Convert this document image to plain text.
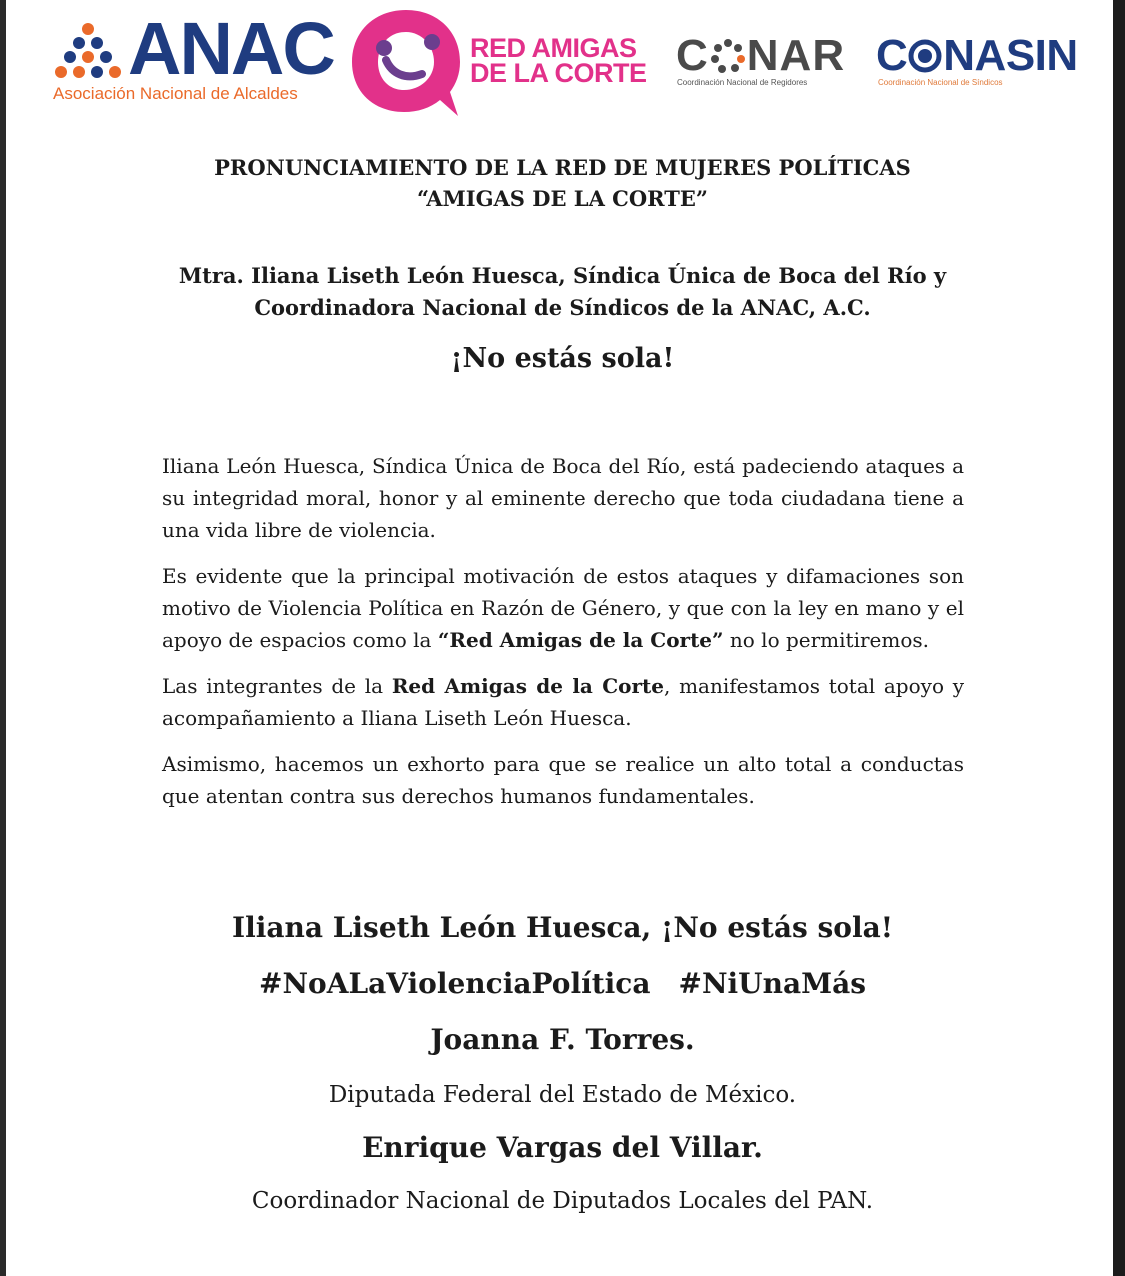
ANAC
Asociación Nacional de Alcaldes
RED AMIGAS
DE LA CORTE C NAR
Coordinación Nacional de Regidores
C NASIN
Coordinación Nacional de Síndicos
PRONUNCIAMIENTO DE LA RED DE MUJERES POLÍTICAS
“AMIGAS DE LA CORTE”
Mtra. Iliana Liseth León Huesca, Síndica Única de Boca del Río y
Coordinadora Nacional de Síndicos de la ANAC, A.C.
¡No estás sola!

Iliana León Huesca, Síndica Única de Boca del Río, está padeciendo ataques a su integridad moral, honor y al eminente derecho que toda ciudadana tiene a una vida libre de violencia.

Es evidente que la principal motivación de estos ataques y difamaciones son motivo de Violencia Política en Razón de Género, y que con la ley en mano y el apoyo de espacios como la “Red Amigas de la Corte” no lo permitiremos.

Las integrantes de la Red Amigas de la Corte, manifestamos total apoyo y acompañamiento a Iliana Liseth León Huesca.

Asimismo, hacemos un exhorto para que se realice un alto total a conductas que atentan contra sus derechos humanos fundamentales.

Iliana Liseth León Huesca, ¡No estás sola!
#NoALaViolenciaPolítica #NiUnaMás
Joanna F. Torres.
Diputada Federal del Estado de México.
Enrique Vargas del Villar.
Coordinador Nacional de Diputados Locales del PAN.
